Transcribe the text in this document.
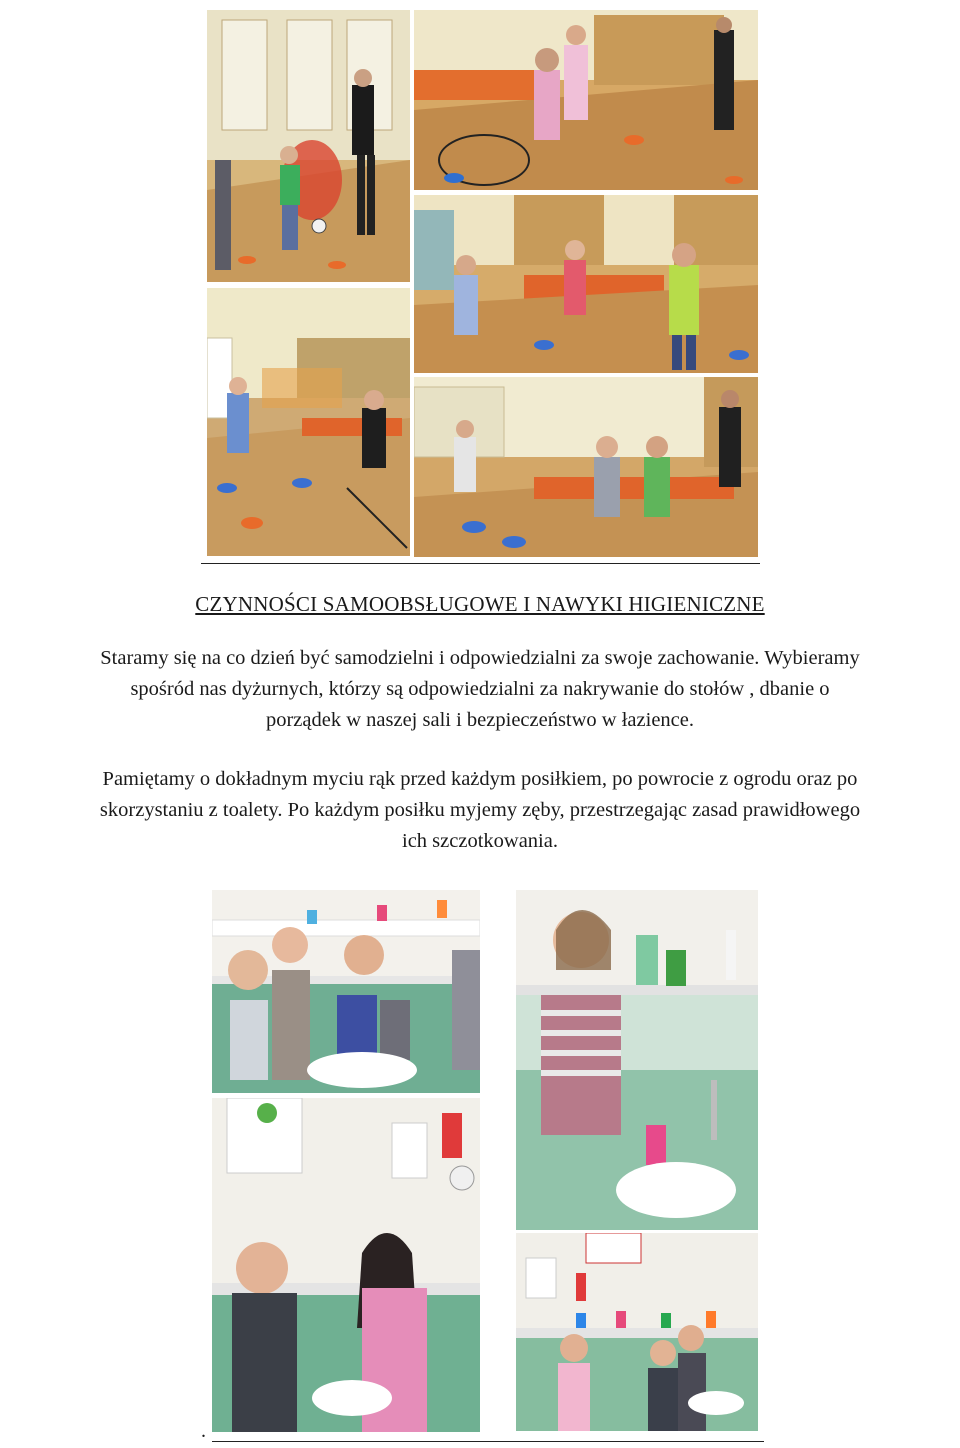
CZYNNOŚCI SAMOOBSŁUGOWE I NAWYKI HIGIENICZNE

Staramy się na co dzień być samodzielni i odpowiedzialni za swoje zachowanie. Wybieramy
spośród nas dyżurnych, którzy są odpowiedzialni za nakrywanie do stołów , dbanie o
porządek w naszej sali i bezpieczeństwo w łazience.

Pamiętamy o dokładnym myciu rąk przed każdym posiłkiem, po powrocie z ogrodu oraz po
skorzystaniu z toalety. Po każdym posiłku myjemy zęby, przestrzegając zasad prawidłowego
ich szczotkowania.

.
